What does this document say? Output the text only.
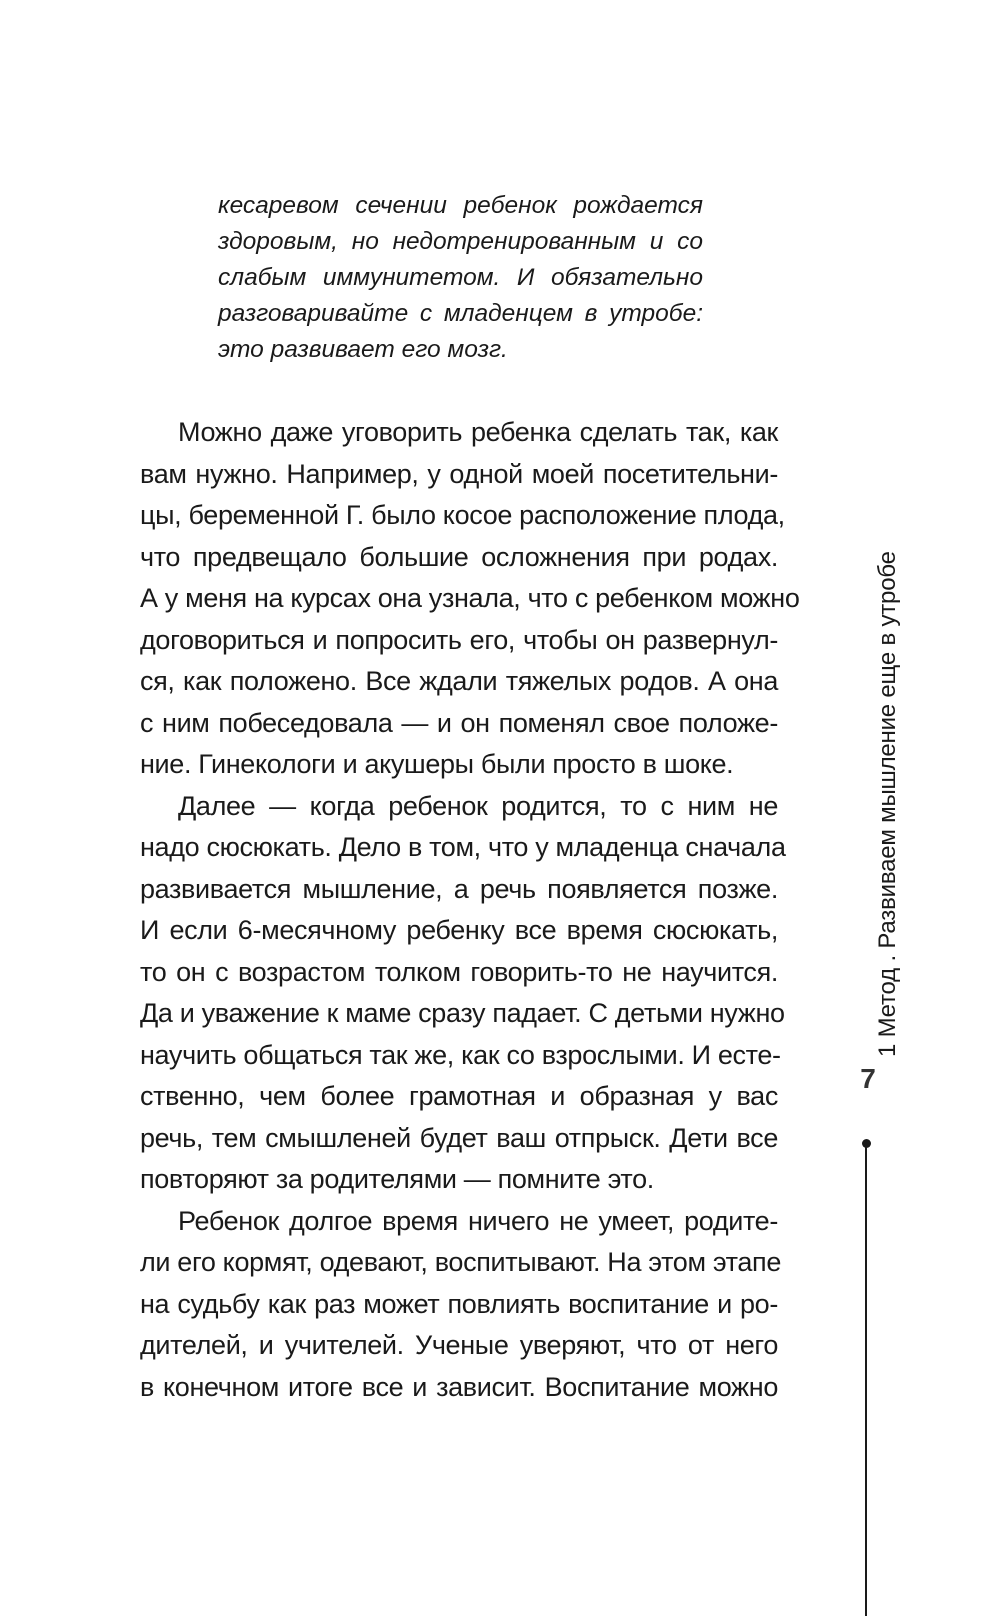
кесаревом сечении ребенок рождается
здоровым, но недотренированным и со
слабым иммунитетом. И обязательно
разговаривайте с младенцем в утробе:
это развивает его мозг.
Можно даже уговорить ребенка сделать так, как
вам нужно. Например, у одной моей посетительни-
цы, беременной Г. было косое расположение плода,
что предвещало большие осложнения при родах.
А у меня на курсах она узнала, что с ребенком можно
договориться и попросить его, чтобы он развернул-
ся, как положено. Все ждали тяжелых родов. А она
с ним побеседовала — и он поменял свое положе-
ние. Гинекологи и акушеры были просто в шоке.
Далее — когда ребенок родится, то с ним не
надо сюсюкать. Дело в том, что у младенца сначала
развивается мышление, а речь появляется позже.
И если 6-месячному ребенку все время сюсюкать,
то он с возрастом толком говорить-то не научится.
Да и уважение к маме сразу падает. С детьми нужно
научить общаться так же, как со взрослыми. И есте-
ственно, чем более грамотная и образная у вас
речь, тем смышленей будет ваш отпрыск. Дети все
повторяют за родителями — помните это.
Ребенок долгое время ничего не умеет, родите-
ли его кормят, одевают, воспитывают. На этом этапе
на судьбу как раз может повлиять воспитание и ро-
дителей, и учителей. Ученые уверяют, что от него
в конечном итоге все и зависит. Воспитание можно
1 Метод . Развиваем мышление еще в утробе
7
